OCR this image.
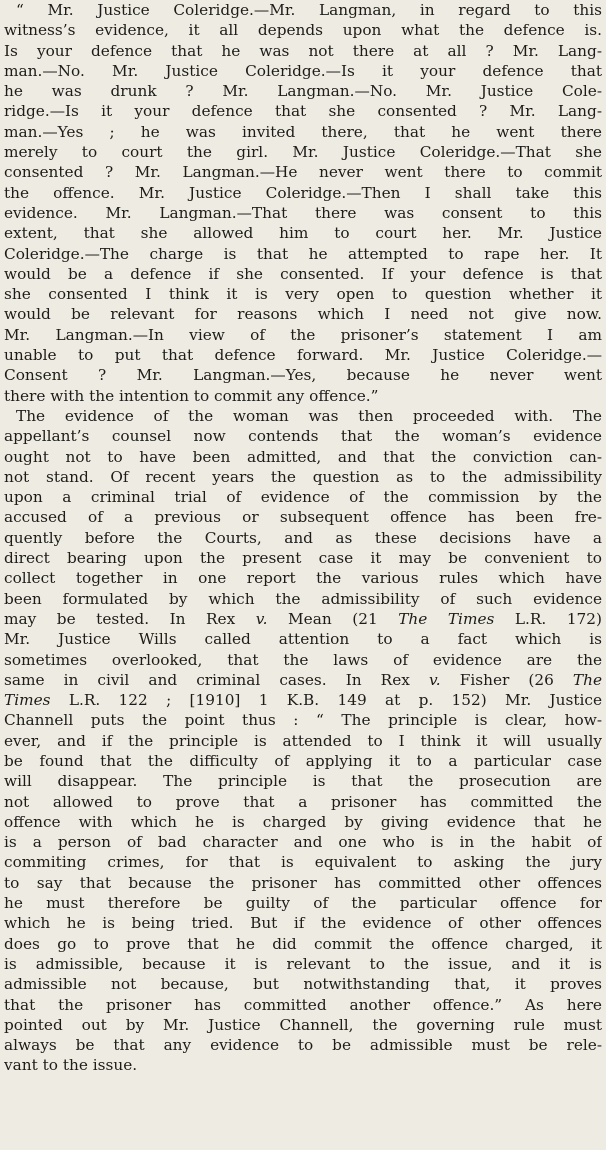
“ Mr. Justice Coleridge.—Mr. Langman, in regard to this
witness’s evidence, it all depends upon what the defence is.
Is your defence that he was not there at all ? Mr. Lang-
man.—No. Mr. Justice Coleridge.—Is it your defence that
he was drunk ? Mr. Langman.—No. Mr. Justice Cole-
ridge.—Is it your defence that she consented ? Mr. Lang-
man.—Yes ; he was invited there, that he went there
merely to court the girl. Mr. Justice Coleridge.—That she
consented ? Mr. Langman.—He never went there to commit
the offence. Mr. Justice Coleridge.—Then I shall take this
evidence. Mr. Langman.—That there was consent to this
extent, that she allowed him to court her. Mr. Justice
Coleridge.—The charge is that he attempted to rape her. It
would be a defence if she consented. If your defence is that
she consented I think it is very open to question whether it
would be relevant for reasons which I need not give now.
Mr. Langman.—In view of the prisoner’s statement I am
unable to put that defence forward. Mr. Justice Coleridge.—
Consent ? Mr. Langman.—Yes, because he never went
there with the intention to commit any offence.”
The evidence of the woman was then proceeded with. The
appellant’s counsel now contends that the woman’s evidence
ought not to have been admitted, and that the conviction can-
not stand. Of recent years the question as to the admissibility
upon a criminal trial of evidence of the commission by the
accused of a previous or subsequent offence has been fre-
quently before the Courts, and as these decisions have a
direct bearing upon the present case it may be convenient to
collect together in one report the various rules which have
been formulated by which the admissibility of such evidence
may be tested. In Rex v. Mean (21 The Times L.R. 172)
Mr. Justice Wills called attention to a fact which is
sometimes overlooked, that the laws of evidence are the
same in civil and criminal cases. In Rex v. Fisher (26 The
Times L.R. 122 ; [1910] 1 K.B. 149 at p. 152) Mr. Justice
Channell puts the point thus : “ The principle is clear, how-
ever, and if the principle is attended to I think it will usually
be found that the difficulty of applying it to a particular case
will disappear. The principle is that the prosecution are
not allowed to prove that a prisoner has committed the
offence with which he is charged by giving evidence that he
is a person of bad character and one who is in the habit of
commiting crimes, for that is equivalent to asking the jury
to say that because the prisoner has committed other offences
he must therefore be guilty of the particular offence for
which he is being tried. But if the evidence of other offences
does go to prove that he did commit the offence charged, it
is admissible, because it is relevant to the issue, and it is
admissible not because, but notwithstanding that, it proves
that the prisoner has committed another offence.” As here
pointed out by Mr. Justice Channell, the governing rule must
always be that any evidence to be admissible must be rele-
vant to the issue.
